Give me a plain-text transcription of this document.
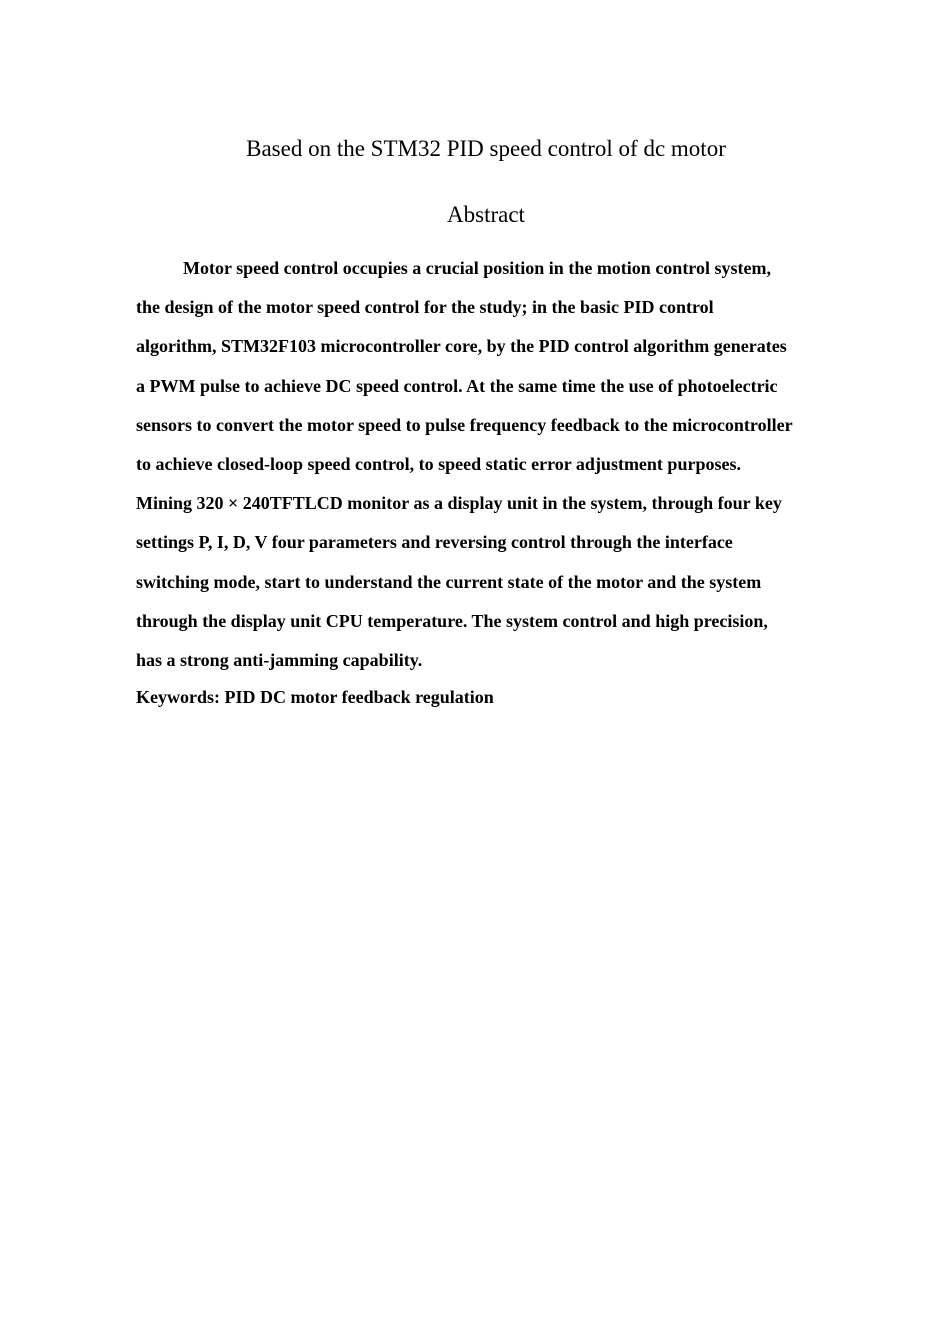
Based on the STM32 PID speed control of dc motor
Abstract

Motor speed control occupies a crucial position in the motion control system,
the design of the motor speed control for the study; in the basic PID control
algorithm, STM32F103 microcontroller core, by the PID control algorithm generates
a PWM pulse to achieve DC speed control. At the same time the use of photoelectric
sensors to convert the motor speed to pulse frequency feedback to the microcontroller
to achieve closed-loop speed control, to speed static error adjustment purposes.
Mining 320 × 240TFTLCD monitor as a display unit in the system, through four key
settings P, I, D, V four parameters and reversing control through the interface
switching mode, start to understand the current state of the motor and the system
through the display unit CPU temperature. The system control and high precision,
has a strong anti-jamming capability.

Keywords: PID DC motor feedback regulation
